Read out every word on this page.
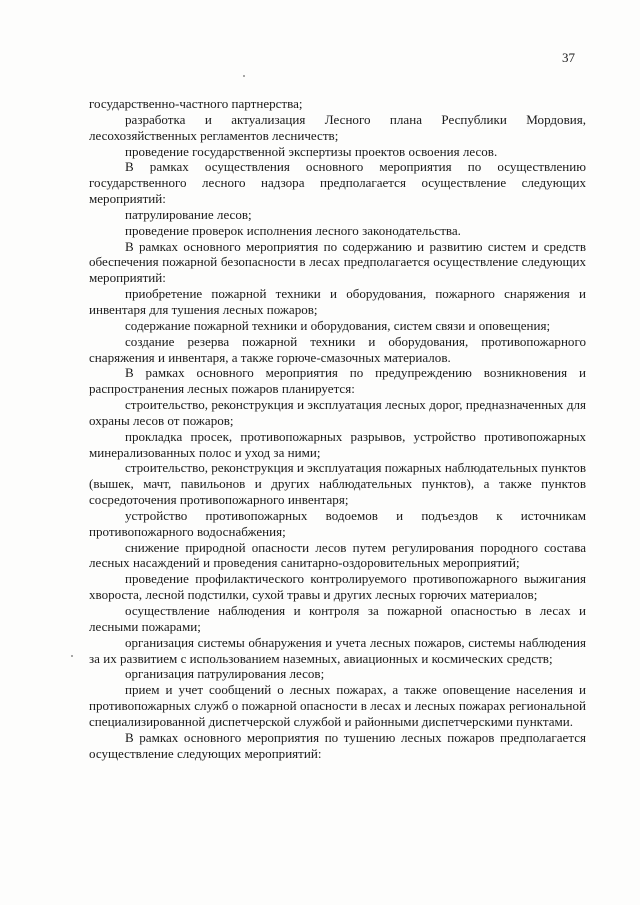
37

государственно-частного партнерства;

разработка и актуализация Лесного плана Республики Мордовия, лесохозяйственных регламентов лесничеств;

проведение государственной экспертизы проектов освоения лесов.

В рамках осуществления основного мероприятия по осуществлению государственного лесного надзора предполагается осуществление следующих мероприятий:

патрулирование лесов;

проведение проверок исполнения лесного законодательства.

В рамках основного мероприятия по содержанию и развитию систем и средств обеспечения пожарной безопасности в лесах предполагается осуществление следующих мероприятий:

приобретение пожарной техники и оборудования, пожарного снаряжения и инвентаря для тушения лесных пожаров;

содержание пожарной техники и оборудования, систем связи и оповещения;

создание резерва пожарной техники и оборудования, противопожарного снаряжения и инвентаря, а также горюче-смазочных материалов.

В рамках основного мероприятия по предупреждению возникновения и распространения лесных пожаров планируется:

строительство, реконструкция и эксплуатация лесных дорог, предназначенных для охраны лесов от пожаров;

прокладка просек, противопожарных разрывов, устройство противопожарных минерализованных полос и уход за ними;

строительство, реконструкция и эксплуатация пожарных наблюдательных пунктов (вышек, мачт, павильонов и других наблюдательных пунктов), а также пунктов сосредоточения противопожарного инвентаря;

устройство противопожарных водоемов и подъездов к источникам противопожарного водоснабжения;

снижение природной опасности лесов путем регулирования породного состава лесных насаждений и проведения санитарно-оздоровительных мероприятий;

проведение профилактического контролируемого противопожарного выжигания хвороста, лесной подстилки, сухой травы и других лесных горючих материалов;

осуществление наблюдения и контроля за пожарной опасностью в лесах и лесными пожарами;

организация системы обнаружения и учета лесных пожаров, системы наблюдения за их развитием с использованием наземных, авиационных и космических средств;

организация патрулирования лесов;

прием и учет сообщений о лесных пожарах, а также оповещение населения и противопожарных служб о пожарной опасности в лесах и лесных пожарах региональной специализированной диспетчерской службой и районными диспетчерскими пунктами.

В рамках основного мероприятия по тушению лесных пожаров предполагается осуществление следующих мероприятий:
